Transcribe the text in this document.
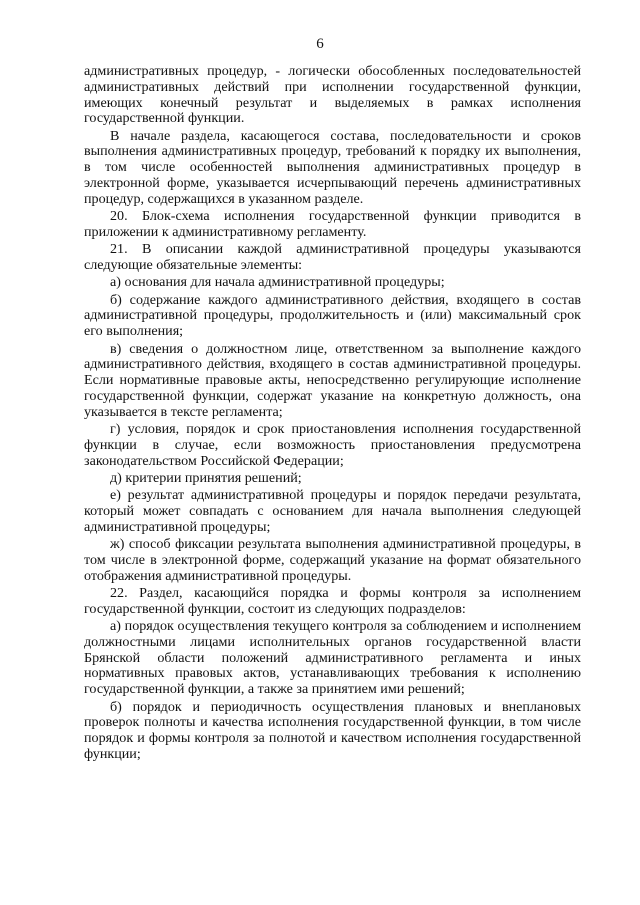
6

административных процедур, - логически обособленных последовательностей административных действий при исполнении государственной функции, имеющих конечный результат и выделяемых в рамках исполнения государственной функции.

В начале раздела, касающегося состава, последовательности и сроков выполнения административных процедур, требований к порядку их выполнения, в том числе особенностей выполнения административных процедур в электронной форме, указывается исчерпывающий перечень административных процедур, содержащихся в указанном разделе.

20. Блок-схема исполнения государственной функции приводится в приложении к административному регламенту.

21. В описании каждой административной процедуры указываются следующие обязательные элементы:

а) основания для начала административной процедуры;

б) содержание каждого административного действия, входящего в состав административной процедуры, продолжительность и (или) максимальный срок его выполнения;

в) сведения о должностном лице, ответственном за выполнение каждого административного действия, входящего в состав административной процедуры. Если нормативные правовые акты, непосредственно регулирующие исполнение государственной функции, содержат указание на конкретную должность, она указывается в тексте регламента;

г) условия, порядок и срок приостановления исполнения государственной функции в случае, если возможность приостановления предусмотрена законодательством Российской Федерации;

д) критерии принятия решений;

е) результат административной процедуры и порядок передачи результата, который может совпадать с основанием для начала выполнения следующей административной процедуры;

ж) способ фиксации результата выполнения административной процедуры, в том числе в электронной форме, содержащий указание на формат обязательного отображения административной процедуры.

22. Раздел, касающийся порядка и формы контроля за исполнением государственной функции, состоит из следующих подразделов:

а) порядок осуществления текущего контроля за соблюдением и исполнением должностными лицами исполнительных органов государственной власти Брянской области положений административного регламента и иных нормативных правовых актов, устанавливающих требования к исполнению государственной функции, а также за принятием ими решений;

б) порядок и периодичность осуществления плановых и внеплановых проверок полноты и качества исполнения государственной функции, в том числе порядок и формы контроля за полнотой и качеством исполнения государственной функции;
